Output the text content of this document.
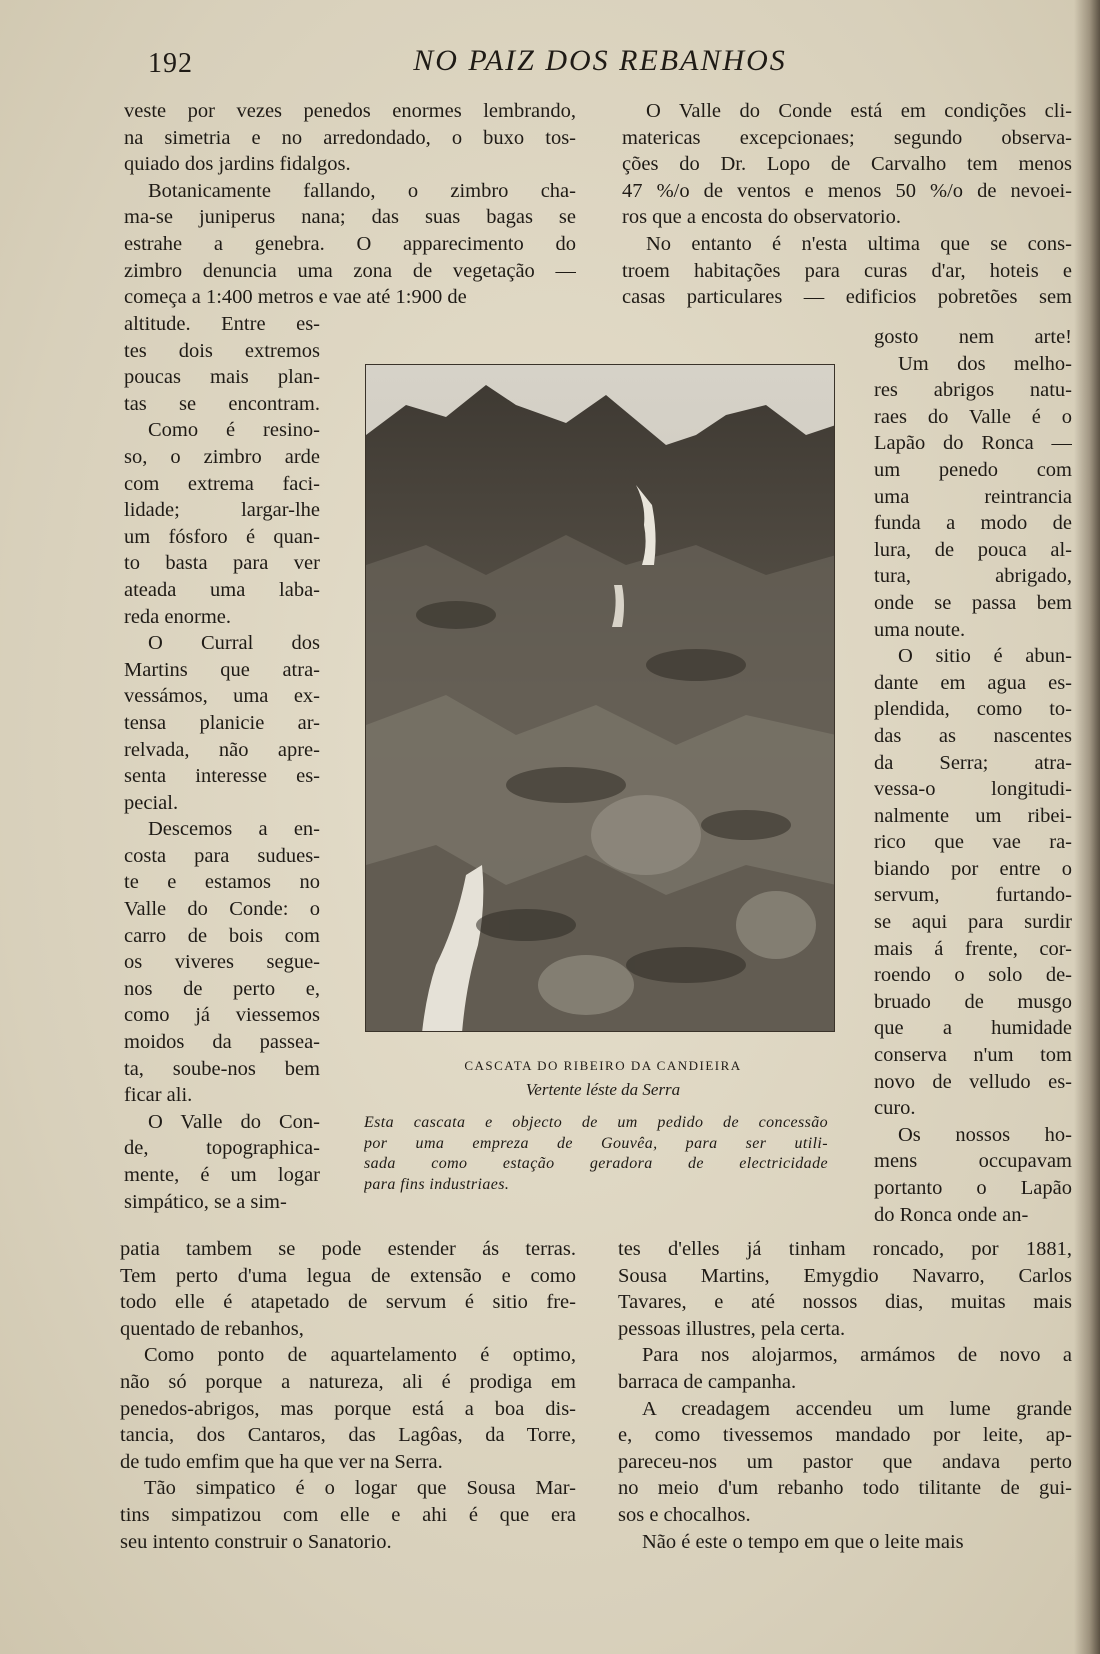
192	NO PAIZ DOS REBANHOS
veste por vezes penedos enormes lembrando,
na simetria e no arredondado, o buxo tos-
quiado dos jardins fidalgos.
Botanicamente fallando, o zimbro cha-
ma-se juniperus nana; das suas bagas se
estrahe a genebra. O apparecimento do
zimbro denuncia uma zona de vegetação —
começa a 1:400 metros e vae até 1:900 de
altitude. Entre es-
tes dois extremos
poucas mais plan-
tas se encontram.
Como é resino-
so, o zimbro arde
com extrema faci-
lidade; largar-lhe
um fósforo é quan-
to basta para ver
ateada uma laba-
reda enorme.
O Curral dos
Martins que atra-
vessámos, uma ex-
tensa planicie ar-
relvada, não apre-
senta interesse es-
pecial.
Descemos a en-
costa para sudues-
te e estamos no
Valle do Conde: o
carro de bois com
os viveres segue-
nos de perto e,
como já viessemos
moidos da passea-
ta, soube-nos bem
ficar ali.
O Valle do Con-
de, topographica-
mente, é um logar
simpático, se a sim-
patia tambem se pode estender ás terras.
Tem perto d'uma legua de extensão e como
todo elle é atapetado de servum é sitio fre-
quentado de rebanhos,
Como ponto de aquartelamento é optimo,
não só porque a natureza, ali é prodiga em
penedos-abrigos, mas porque está a boa dis-
tancia, dos Cantaros, das Lagôas, da Torre,
de tudo emfim que ha que ver na Serra.
Tão simpatico é o logar que Sousa Mar-
tins simpatizou com elle e ahi é que era
seu intento construir o Sanatorio.
O Valle do Conde está em condições cli-
matericas excepcionaes; segundo observa-
ções do Dr. Lopo de Carvalho tem menos
47 %/o de ventos e menos 50 %/o de nevoei-
ros que a encosta do observatorio.
No entanto é n'esta ultima que se cons-
troem habitações para curas d'ar, hoteis e
casas particulares — edificios pobretões sem
gosto nem arte!
Um dos melho-
res abrigos natu-
raes do Valle é o
Lapão do Ronca —
um penedo com
uma reintrancia
funda a modo de
lura, de pouca al-
tura, abrigado,
onde se passa bem
uma noute.
O sitio é abun-
dante em agua es-
plendida, como to-
das as nascentes
da Serra; atra-
vessa-o longitudi-
nalmente um ribei-
rico que vae ra-
biando por entre o
servum, furtando-
se aqui para surdir
mais á frente, cor-
roendo o solo de-
bruado de musgo
que a humidade
conserva n'um tom
novo de velludo es-
curo.
Os nossos ho-
mens occupavam
portanto o Lapão
do Ronca onde an-
tes d'elles já tinham roncado, por 1881,
Sousa Martins, Emygdio Navarro, Carlos
Tavares, e até nossos dias, muitas mais
pessoas illustres, pela certa.
Para nos alojarmos, armámos de novo a
barraca de campanha.
A creadagem accendeu um lume grande
e, como tivessemos mandado por leite, ap-
pareceu-nos um pastor que andava perto
no meio d'um rebanho todo tilitante de gui-
sos e chocalhos.
Não é este o tempo em que o leite mais
CASCATA DO RIBEIRO DA CANDIEIRA
Vertente léste da Serra
Esta cascata e objecto de um pedido de concessão
por uma empreza de Gouvêa, para ser utili-
sada como estação geradora de electricidade
para fins industriaes.
